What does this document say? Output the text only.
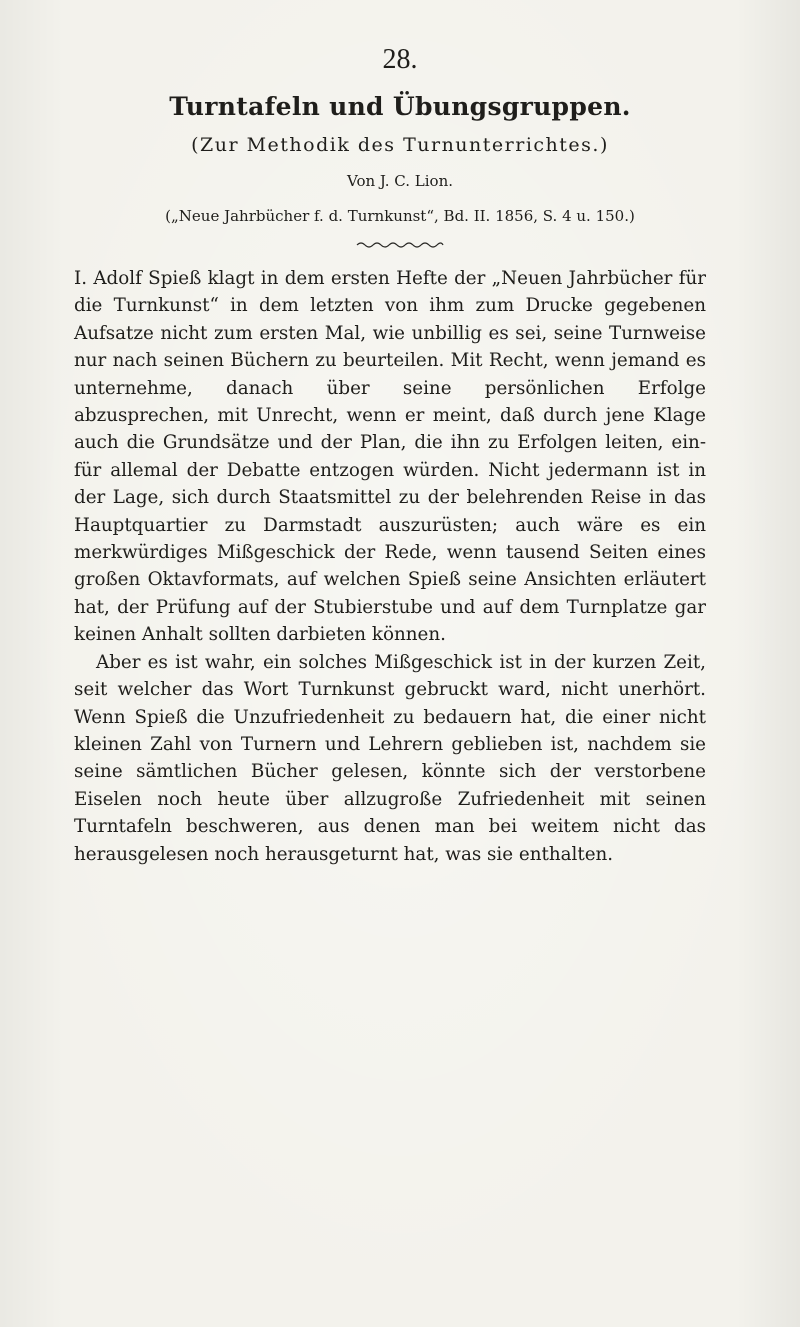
28.
Turntafeln und Übungsgruppen.
(Zur Methodik des Turnunterrichtes.)
Von J. C. Lion.
(„Neue Jahrbücher f. d. Turnkunst“, Bd. II. 1856, S. 4 u. 150.)

I. Adolf Spieß klagt in dem ersten Hefte der „Neuen Jahrbücher für die Turnkunst“ in dem letzten von ihm zum Drucke gegebenen Aufsatze nicht zum ersten Mal, wie unbillig es sei, seine Turnweise nur nach seinen Büchern zu beurteilen. Mit Recht, wenn jemand es unternehme, danach über seine persönlichen Erfolge abzusprechen, mit Unrecht, wenn er meint, daß durch jene Klage auch die Grundsätze und der Plan, die ihn zu Erfolgen leiten, ein- für allemal der Debatte entzogen würden. Nicht jedermann ist in der Lage, sich durch Staatsmittel zu der belehrenden Reise in das Hauptquartier zu Darmstadt auszurüsten; auch wäre es ein merkwürdiges Mißgeschick der Rede, wenn tausend Seiten eines großen Oktavformats, auf welchen Spieß seine Ansichten erläutert hat, der Prüfung auf der Stubierstube und auf dem Turnplatze gar keinen Anhalt sollten darbieten können.

Aber es ist wahr, ein solches Mißgeschick ist in der kurzen Zeit, seit welcher das Wort Turnkunst gebruckt ward, nicht unerhört. Wenn Spieß die Unzufriedenheit zu bedauern hat, die einer nicht kleinen Zahl von Turnern und Lehrern geblieben ist, nachdem sie seine sämtlichen Bücher gelesen, könnte sich der verstorbene Eiselen noch heute über allzugroße Zufriedenheit mit seinen Turntafeln beschweren, aus denen man bei weitem nicht das herausgelesen noch herausgeturnt hat, was sie enthalten.
